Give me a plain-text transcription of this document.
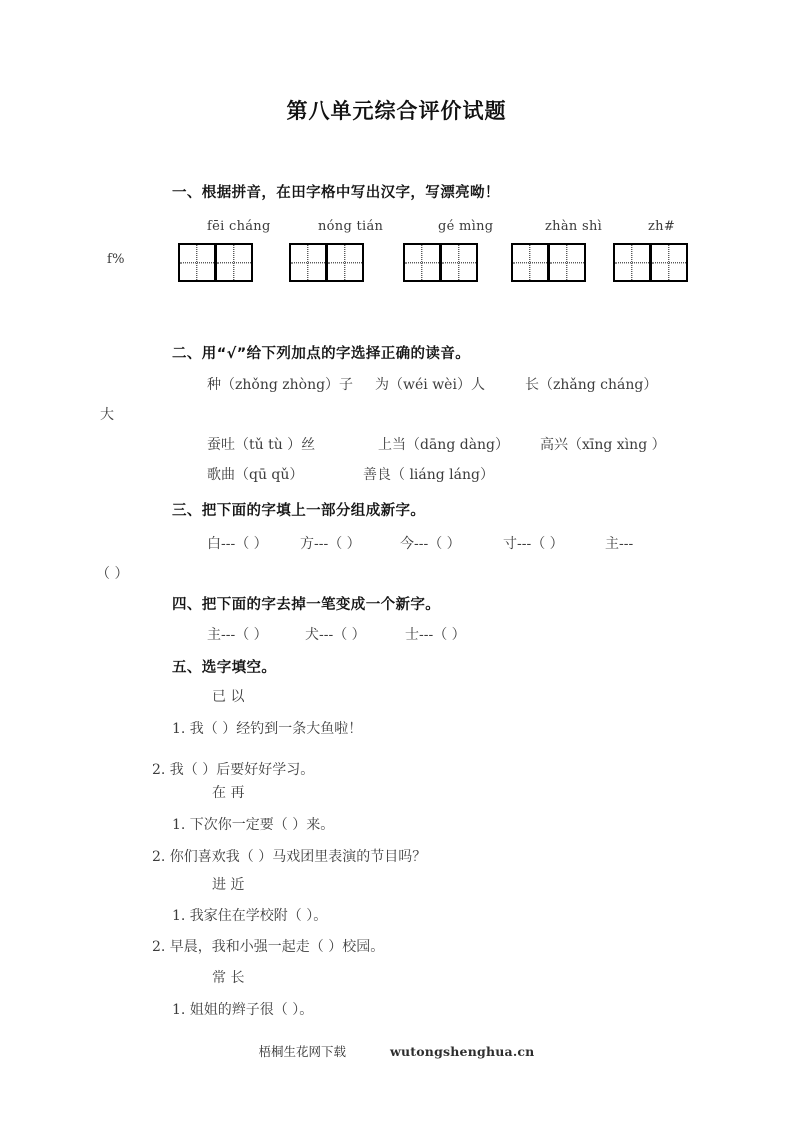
第八单元综合评价试题
一、根据拼音，在田字格中写出汉字，写漂亮呦！
fēi cháng	nóng tián	gé mìng	zhàn shì	zh#
f%
二、用“√”给下列加点的字选择正确的读音。
种（zhǒng zhòng）子 为（wéi wèi）人	长（zhǎng cháng）
大
蚕吐（tǔ tù ）丝	上当（dāng dàng） 高兴（xīng xìng ）
歌曲（qū qǔ）	善良（ liáng láng）
三、把下面的字填上一部分组成新字。
白---（ ） 方---（ ）	今---（ ）	寸---（ ）	主---
（ ）
四、把下面的字去掉一笔变成一个新字。
主---（ ）	犬---（ ）	士---（ ）
五、选字填空。
已 以
1. 我（ ）经钓到一条大鱼啦！
2. 我（ ）后要好好学习。
在 再
1. 下次你一定要（ ）来。
2. 你们喜欢我（ ）马戏团里表演的节目吗？
进 近
1. 我家住在学校附（ ）。
2. 早晨，我和小强一起走（ ）校园。
常 长
1. 姐姐的辫子很（ ）。
梧桐生花网下载	wutongshenghua.cn
